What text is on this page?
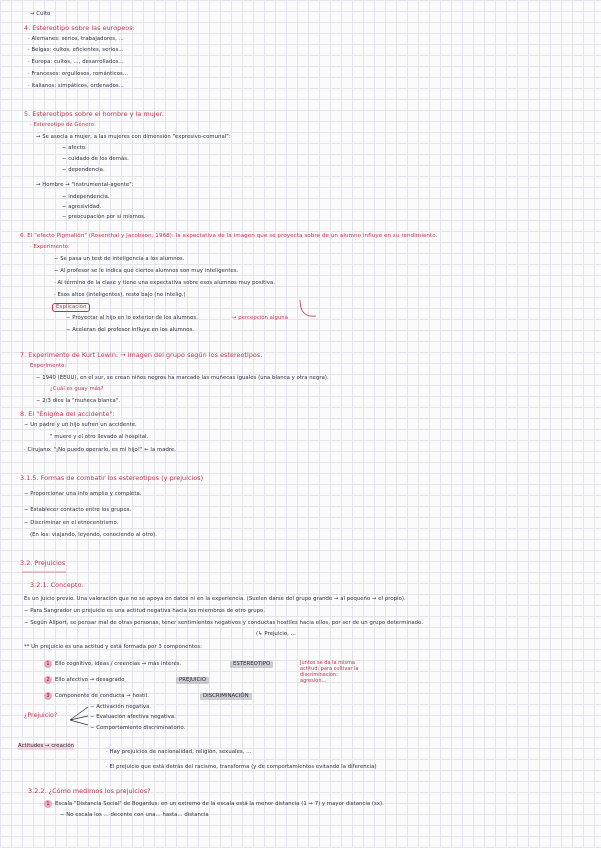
→ Culto
4. Estereotipo sobre las europeos:
· Alemanes: serios, trabajadores, ...
· Belgas: cultos, eficientes, serios...
· Europa: cultos, ..., desarrollados...
· Franceses: orgullosos, románticos...
· Italianos: simpáticos, ordenados...
5. Estereotipos sobre el hombre y la mujer.
· Estereotipo de Género:
→ Se asocia a mujer, a las mujeres con dimensión "expresivo-comunal":
− afecto.
− cuidado de los demás.
− dependencia.
→ Hombre → "instrumental-agente":
− independencia.
− agresividad.
− preocupación por sí mismos.
6. El "efecto Pigmalión" (Rosenthal y Jacobson, 1968): la expectativa de la imagen que se proyecta sobre de un alumno influye en su rendimiento.
· Experimento:
− Se pasa un test de inteligencia a los alumnos.
− Al profesor se le indica qué ciertos alumnos son muy inteligentes.
· Al término de la clase y tiene una expectativa sobre esos alumnos muy positiva.
· Esos altos (inteligentes), resto bajo (no intelig.)
Explicación
− Proyectar al hijo en lo exterior de los alumnos.	→ percepción alguna
− Aceleran del profesor influye en los alumnos.
7. Experimento de Kurt Lewin: → imagen del grupo según los estereotipos.
Experimento:
− 1940 (EEUU), en el sur, se crean niños negros ha marcado las muñecas iguales (una blanca y otra negra).
¿Cuál es guay más?
− 2/3 dice la "muñeca blanca".
8. El "Enigma del accidente":
− Un padre y un hijo sufren un accidente.
" muere y el otro llevado al hospital.
· Cirujano: "¡No puedo operarlo, es mi hijo!" ← la madre.
3.1.5. Formas de combatir los estereotipos (y prejuicios)
− Proporcionar una info amplia y completa.
− Establecer contacto entre los grupos.
− Discriminar en el etnocentrismo.
(En los: viajando, leyendo, conociendo al otro).
3.2. Prejuicios
3.2.1. Concepto.
Es un juicio previo. Una valoración que no se apoya en datos ni en la experiencia. (Suelen darse del grupo grande → al pequeño → el propio).
− Para Sangrador un prejuicio es una actitud negativa hacia los miembros de otro grupo.
− Según Allport, se pensar mal de otras personas, tener sentimientos negativos y conductas hostiles hacia ellos, por ser de un grupo determinado.
(↳ Prejuicio, ...
** Un prejuicio es una actitud y está formada por 3 componentes:
1 Ello cognitivo, ideas / creencias → más interés.	ESTEREOTIPO
2 Ello afectivo → desagrado	PREJUICIO
3 Componente de conducta → hostil.	DISCRIMINACIÓN
Juntos se da la misma actitud; para cultivar la discriminación: agresión...
¿Prejuicio?
− Activación negativa.
− Evaluación afectiva negativa.
− Comportamiento discriminatorio.
Actitudes → creación
· Hay prejuicios de nacionalidad, religión, sexuales, ...
· El prejuicio que está detrás del racismo, transforma (y de comportamientos evitando la diferencia)
3.2.2. ¿Cómo medimos los prejuicios?
1 Escala "Distancia Social" de Bogardus: en un extremo de la escala está la menor distancia (1 → 7) y mayor distancia (sx).
− No escala los ... decente con una... hasta... distancia
